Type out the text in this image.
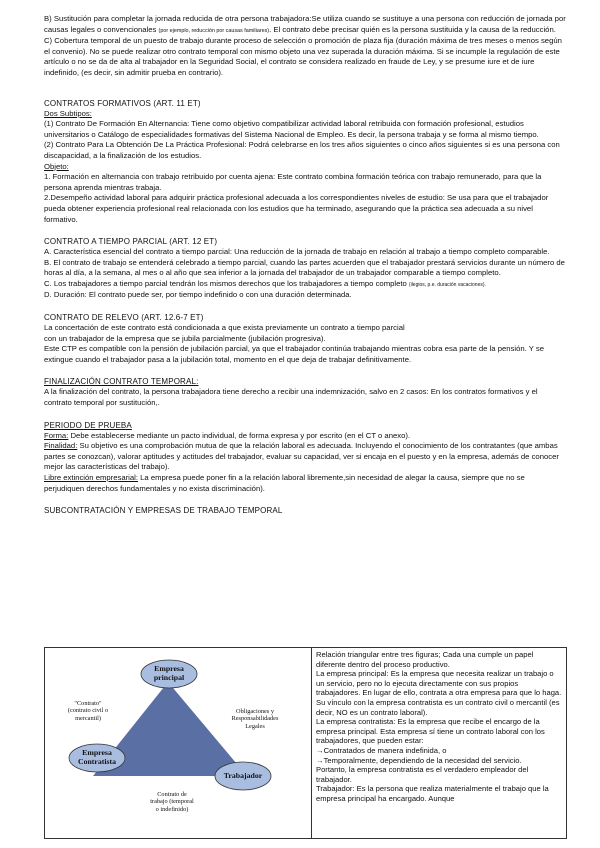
B) Sustitución para completar la jornada reducida de otra persona trabajadora:Se utiliza cuando se sustituye a una persona con reducción de jornada por causas legales o convencionales (por ejemplo, reducción por causas familiares). El contrato debe precisar quién es la persona sustituida y la causa de la reducción.

C) Cobertura temporal de un puesto de trabajo durante proceso de selección o promoción de plaza fija (duración máxima de tres meses o menos según el convenio). No se puede realizar otro contrato temporal con mismo objeto una vez superada la duración máxima. Si se incumple la regulación de este artículo o no se da de alta al trabajador en la Seguridad Social, el contrato se considera realizado en fraude de Ley, y se presume iure et de iure indefinido, (es decir, sin admitir prueba en contrario).

CONTRATOS FORMATIVOS (ART. 11 ET)

Dos Subtipos:

(1) Contrato De Formación En Alternancia: Tiene como objetivo compatibilizar actividad laboral retribuida con formación profesional, estudios universitarios o Catálogo de especialidades formativas del Sistema Nacional de Empleo. Es decir, la persona trabaja y se forma al mismo tiempo.

(2) Contrato Para La Obtención De La Práctica Profesional: Podrá celebrarse en los tres años siguientes o cinco años siguientes si es una persona con discapacidad, a la finalización de los estudios.

Objeto:

1. Formación en alternancia con trabajo retribuido por cuenta ajena: Este contrato combina formación teórica con trabajo remunerado, para que la persona aprenda mientras trabaja.

2.Desempeño actividad laboral para adquirir práctica profesional adecuada a los correspondientes niveles de estudio: Se usa para que el trabajador pueda obtener experiencia profesional real relacionada con los estudios que ha terminado, asegurando que la práctica sea adecuada a su nivel formativo.

CONTRATO A TIEMPO PARCIAL (ART. 12 ET)

A. Característica esencial del contrato a tiempo parcial: Una reducción de la jornada de trabajo en relación al trabajo a tiempo completo comparable.

B. El contrato de trabajo se entenderá celebrado a tiempo parcial, cuando las partes acuerden que el trabajador prestará servicios durante un número de horas al día, a la semana, al mes o al año que sea inferior a la jornada del trabajador de un trabajador comparable a tiempo completo.

C. Los trabajadores a tiempo parcial tendrán los mismos derechos que los trabajadores a tiempo completo (ilegios, p.e. duración vacaciones).

D. Duración: El contrato puede ser, por tiempo indefinido o con una duración determinada.

CONTRATO DE RELEVO (ART. 12.6-7 ET)

La concertación de este contrato está condicionada a que exista previamente un contrato a tiempo parcial

con un trabajador de la empresa que se jubila parcialmente (jubilación progresiva).

Este CTP es compatible con la pensión de jubilación parcial, ya que el trabajador continúa trabajando mientras cobra esa parte de la pensión. Y se extingue cuando el trabajador pasa a la jubilación total, momento en el que deja de trabajar definitivamente.

FINALIZACIÓN CONTRATO TEMPORAL:

A la finalización del contrato, la persona trabajadora tiene derecho a recibir una indemnización, salvo en 2 casos: En los contratos formativos y el contrato temporal por sustitución,.

PERIODO DE PRUEBA

Forma: Debe establecerse mediante un pacto individual, de forma expresa y por escrito (en el CT o anexo).

Finalidad: Su objetivo es una comprobación mutua de que la relación laboral es adecuada. Incluyendo el conocimiento de los contratantes (que ambas partes se conozcan), valorar aptitudes y actitudes del trabajador, evaluar su capacidad, ver si encaja en el puesto y en la empresa, además de conocer mejor las características del trabajo).

Libre extinción empresarial: La empresa puede poner fin a la relación laboral libremente,sin necesidad de alegar la causa, siempre que no se perjudiquen derechos fundamentales y no exista discriminación).

SUBCONTRATACIÓN Y EMPRESAS DE TRABAJO TEMPORAL

Empresa
principal
Empresa
Contratista
Trabajador
"Contrato"
(contrato civil o
mercantil)
Obligaciones y
Responsabilidades
Legales
Contrato de
trabajo (temporal
o indefinido)

Relación triangular entre tres figuras; Cada una cumple un papel diferente dentro del proceso productivo.

La empresa principal: Es la empresa que necesita realizar un trabajo o un servicio, pero no lo ejecuta directamente con sus propios trabajadores. En lugar de ello, contrata a otra empresa para que lo haga. Su vínculo con la empresa contratista es un contrato civil o mercantil (es decir, NO es un contrato laboral).

La empresa contratista: Es la empresa que recibe el encargo de la empresa principal. Esta empresa sí tiene un contrato laboral con los trabajadores, que pueden estar:

→Contratados de manera indefinida, o

→Temporalmente, dependiendo de la necesidad del servicio.

Portanto, la empresa contratista es el verdadero empleador del trabajador.

Trabajador: Es la persona que realiza materialmente el trabajo que la empresa principal ha encargado. Aunque
